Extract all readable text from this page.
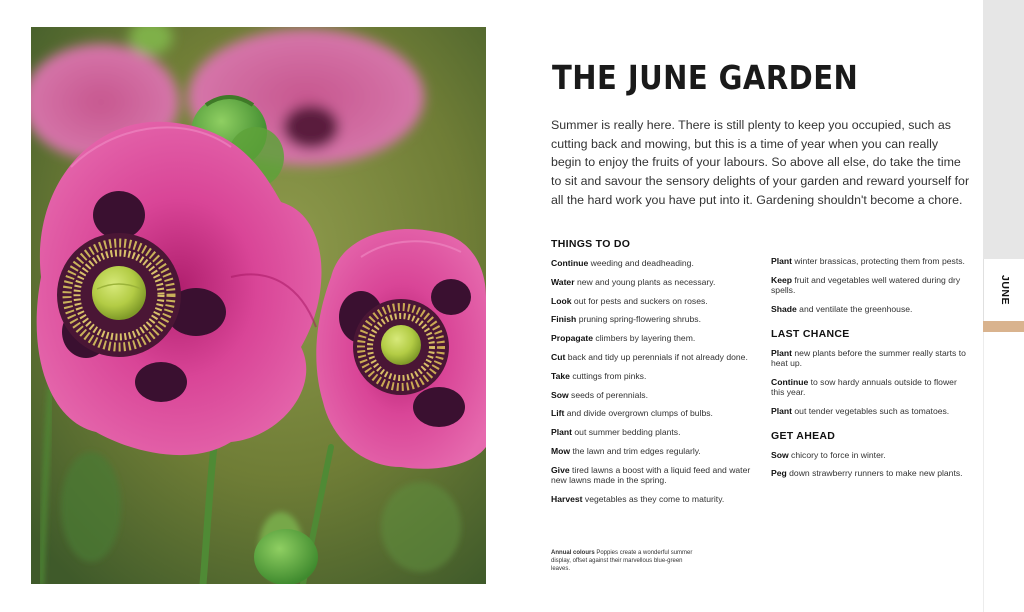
THE JUNE GARDEN

Summer is really here. There is still plenty to keep you occupied, such as cutting back and mowing, but this is a time of year when you can really begin to enjoy the fruits of your labours. So above all else, do take the time to sit and savour the sensory delights of your garden and reward yourself for all the hard work you have put into it. Gardening shouldn't become a chore.

THINGS TO DO
Continue weeding and deadheading.
Water new and young plants as necessary.
Look out for pests and suckers on roses.
Finish pruning spring-flowering shrubs.
Propagate climbers by layering them.
Cut back and tidy up perennials if not already done.
Take cuttings from pinks.
Sow seeds of perennials.
Lift and divide overgrown clumps of bulbs.
Plant out summer bedding plants.
Mow the lawn and trim edges regularly.
Give tired lawns a boost with a liquid feed and water new lawns made in the spring.
Harvest vegetables as they come to maturity.
Plant winter brassicas, protecting them from pests.
Keep fruit and vegetables well watered during dry spells.
Shade and ventilate the greenhouse.
LAST CHANCE
Plant new plants before the summer really starts to heat up.
Continue to sow hardy annuals outside to flower this year.
Plant out tender vegetables such as tomatoes.
GET AHEAD
Sow chicory to force in winter.
Peg down strawberry runners to make new plants.
Annual colours Poppies create a wonderful summer display, offset against their marvellous blue-green leaves.
JUNE
